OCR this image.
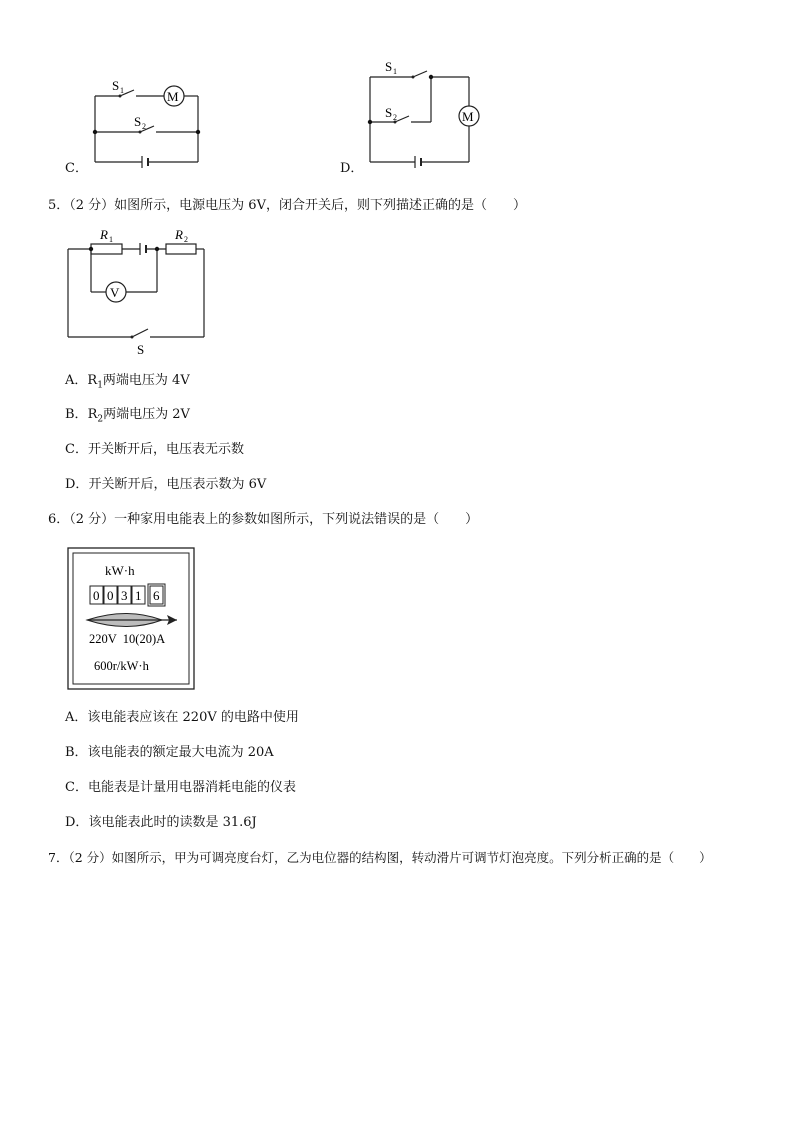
M
S 1
S 2
C．
M
S 1
S 2
D．
5．（2 分）如图所示，电源电压为 6V，闭合开关后，则下列描述正确的是（　　）
V
R 1	R 2
S
A．$R_1$两端电压为 4V
B．$R_2$两端电压为 2V
C．开关断开后，电压表无示数
D．开关断开后，电压表示数为 6V
6．（2 分）一种家用电能表上的参数如图所示，下列说法错误的是（　　）
kW·h
0 0 3 1 6
220V  10(20)A
600r/kW·h
A．该电能表应该在 220V 的电路中使用
B．该电能表的额定最大电流为 20A
C．电能表是计量用电器消耗电能的仪表
D．该电能表此时的读数是 31.6J
7．（2 分）如图所示，甲为可调亮度台灯，乙为电位器的结构图，转动滑片可调节灯泡亮度。下列分析正确的是（　　）
